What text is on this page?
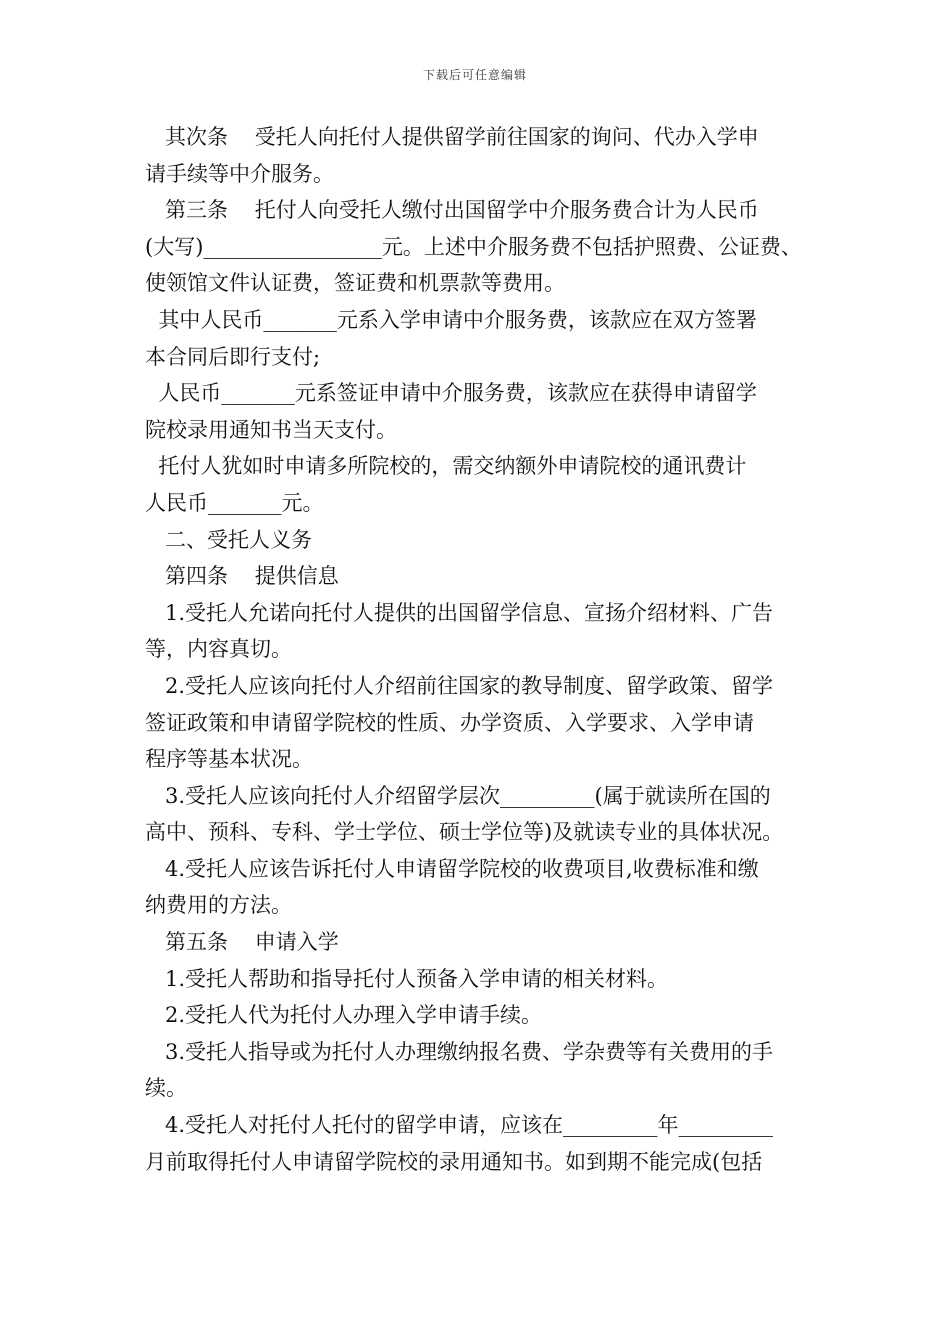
下载后可任意编辑

其次条    受托人向托付人提供留学前往国家的询问、代办入学申

请手续等中介服务。

第三条    托付人向受托人缴付出国留学中介服务费合计为人民币

(大写)_________________元。上述中介服务费不包括护照费、公证费、

使领馆文件认证费，签证费和机票款等费用。

其中人民币_______元系入学申请中介服务费，该款应在双方签署

本合同后即行支付;

人民币_______元系签证申请中介服务费，该款应在获得申请留学

院校录用通知书当天支付。

托付人犹如时申请多所院校的，需交纳额外申请院校的通讯费计

人民币_______元。

二、受托人义务

第四条    提供信息

1.受托人允诺向托付人提供的出国留学信息、宣扬介绍材料、广告

等，内容真切。

2.受托人应该向托付人介绍前往国家的教导制度、留学政策、留学

签证政策和申请留学院校的性质、办学资质、入学要求、入学申请

程序等基本状况。

3.受托人应该向托付人介绍留学层次_________(属于就读所在国的

高中、预科、专科、学士学位、硕士学位等)及就读专业的具体状况。

4.受托人应该告诉托付人申请留学院校的收费项目,收费标准和缴

纳费用的方法。

第五条    申请入学

1.受托人帮助和指导托付人预备入学申请的相关材料。

2.受托人代为托付人办理入学申请手续。

3.受托人指导或为托付人办理缴纳报名费、学杂费等有关费用的手

续。

4.受托人对托付人托付的留学申请，应该在_________年_________

月前取得托付人申请留学院校的录用通知书。如到期不能完成(包括
